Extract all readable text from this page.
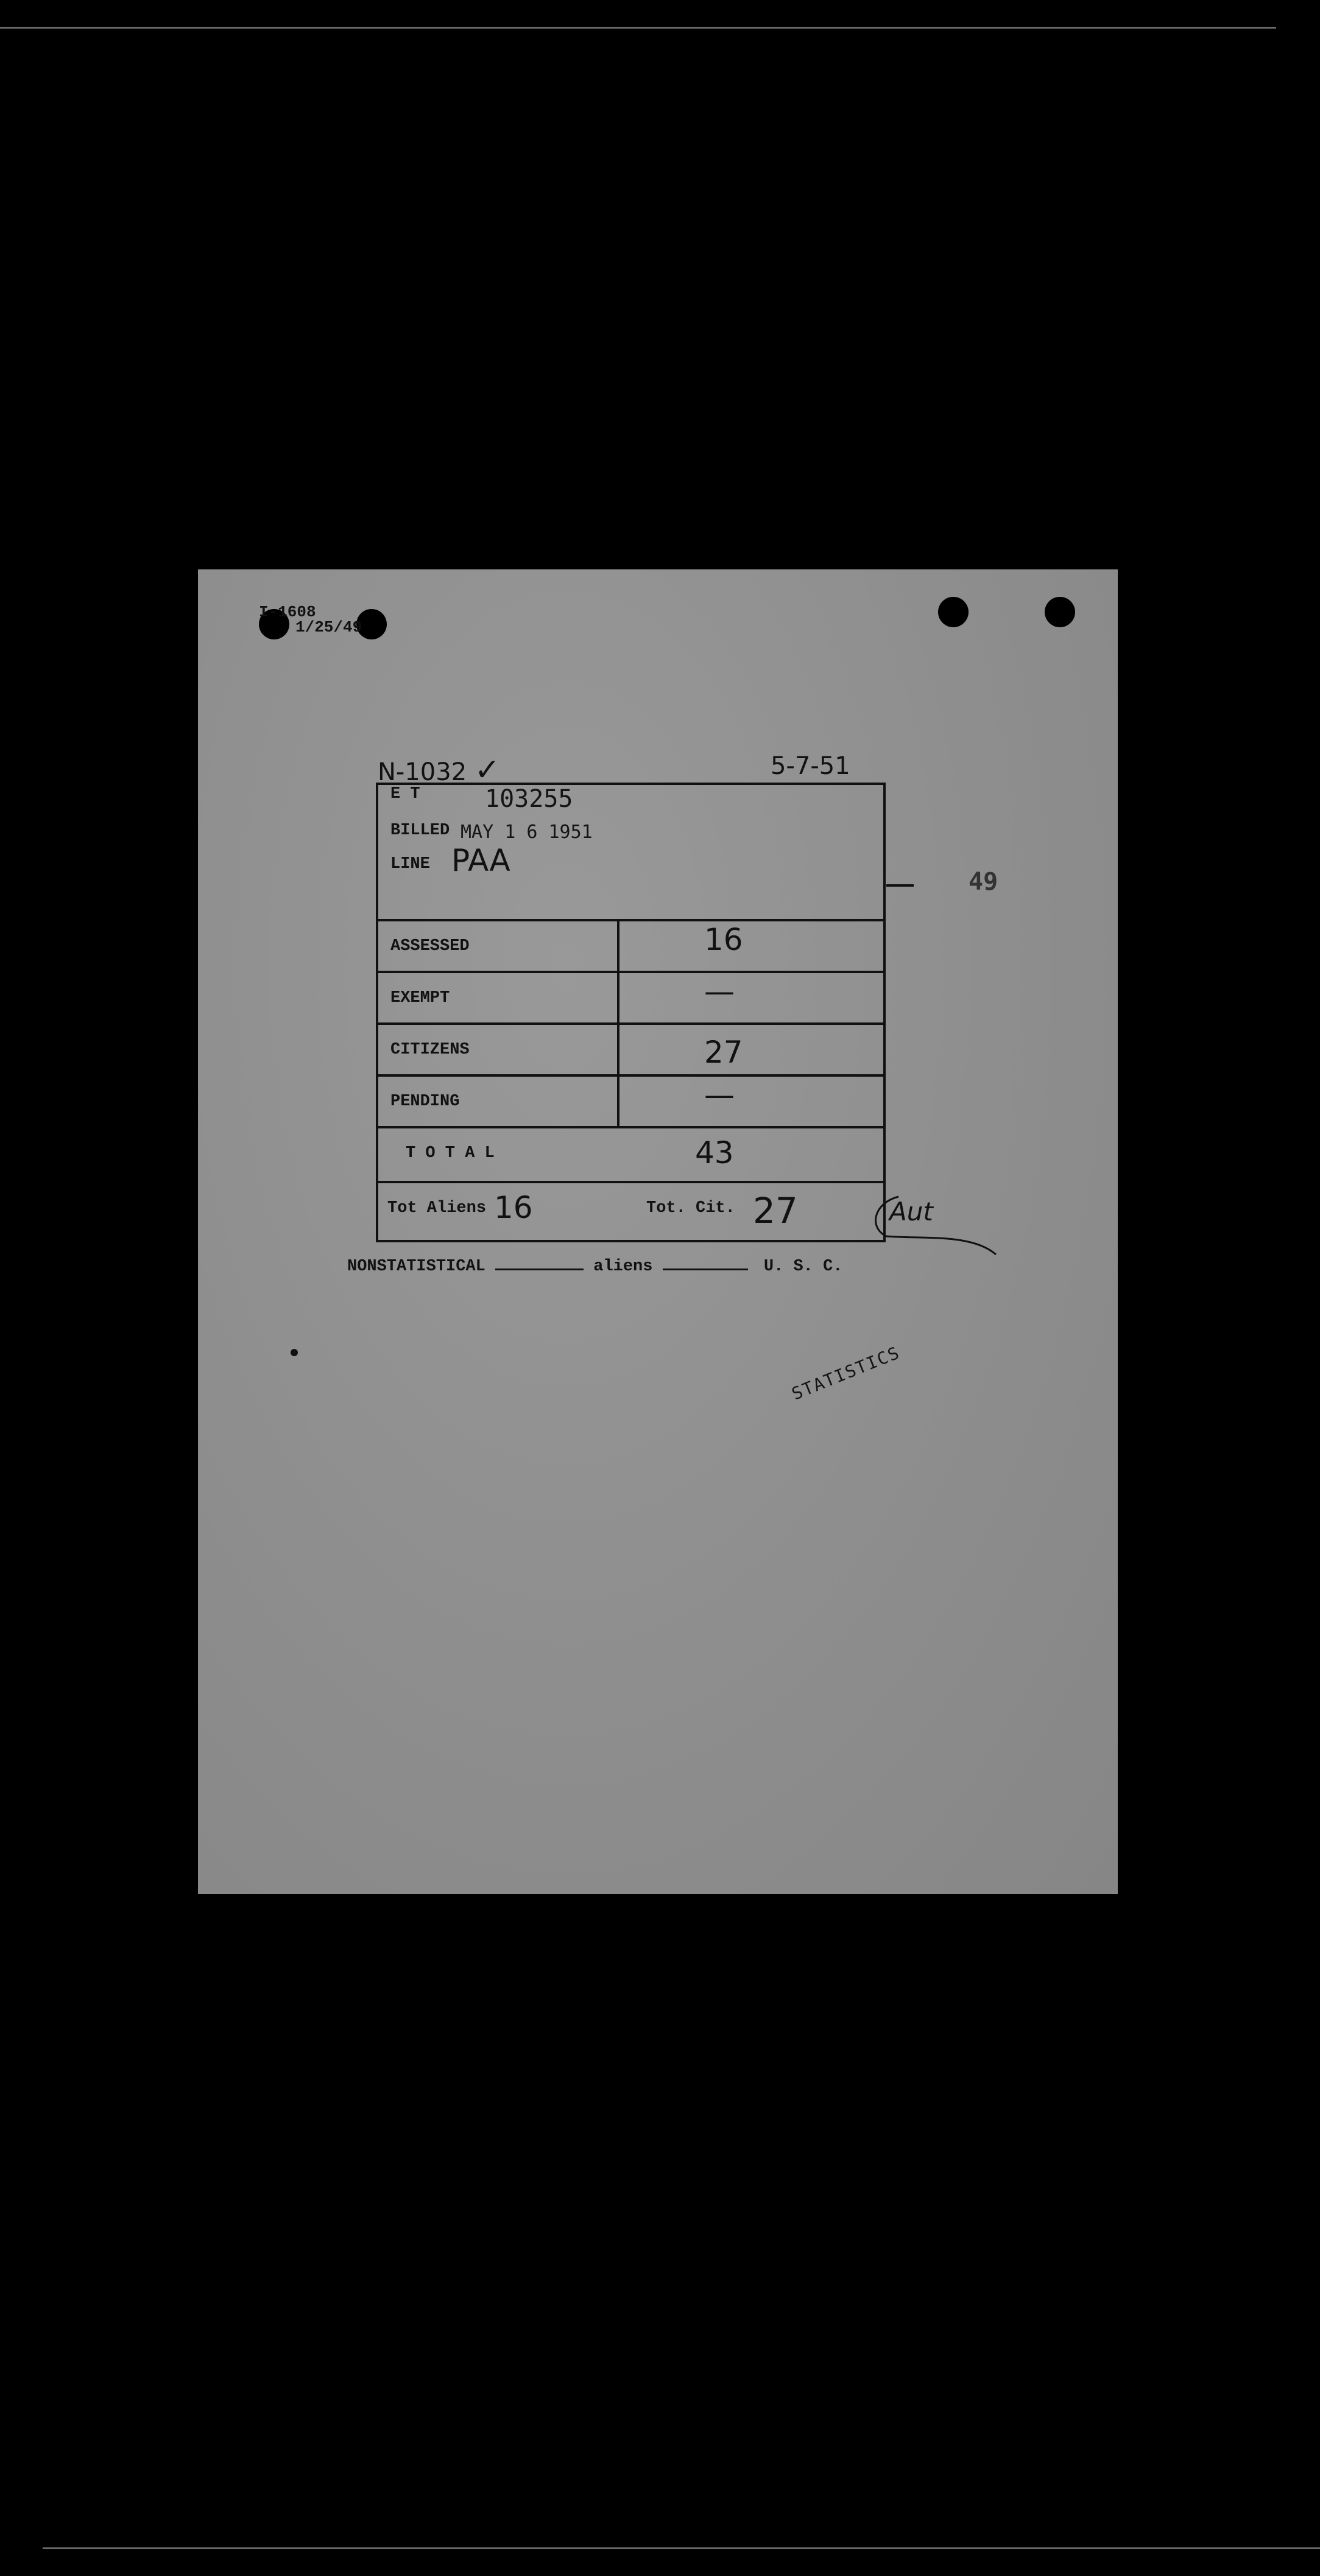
I-1608
1/25/49
N-1032 ✓	5-7-51
49
E T	103255
BILLED MAY 1 6 1951
LINE PAA
ASSESSED	16
EXEMPT	—
CITIZENS	27
PENDING	—
T O T A L	43
Tot Aliens 16	Tot. Cit. 27	Aut
NONSTATISTICAL	aliens	U. S. C.
STATISTICS
